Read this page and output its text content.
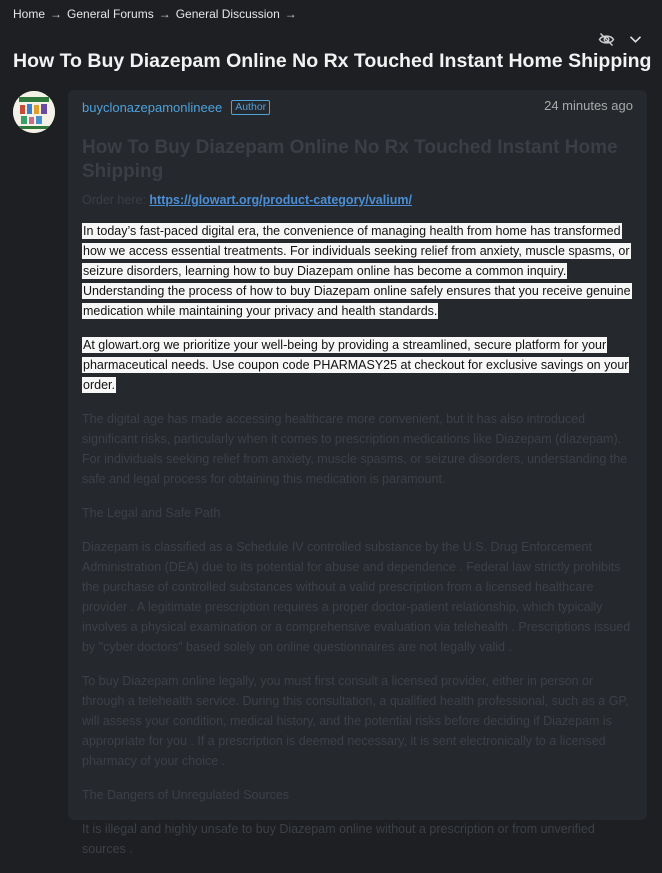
Home → General Forums → General Discussion →
How To Buy Diazepam Online No Rx Touched Instant Home Shipping
buyclonazepamonlineee	Author	24 minutes ago
How To Buy Diazepam Online No Rx Touched Instant Home Shipping
Order here: https://glowart.org/product-category/valium/

In today’s fast-paced digital era, the convenience of managing health from home has transformed how we access essential treatments. For individuals seeking relief from anxiety, muscle spasms, or seizure disorders, learning how to buy Diazepam online has become a common inquiry. Understanding the process of how to buy Diazepam online safely ensures that you receive genuine medication while maintaining your privacy and health standards.

At glowart.org we prioritize your well-being by providing a streamlined, secure platform for your pharmaceutical needs. Use coupon code PHARMASY25 at checkout for exclusive savings on your order.

The digital age has made accessing healthcare more convenient, but it has also introduced significant risks, particularly when it comes to prescription medications like Diazepam (diazepam). For individuals seeking relief from anxiety, muscle spasms, or seizure disorders, understanding the safe and legal process for obtaining this medication is paramount.

The Legal and Safe Path

Diazepam is classified as a Schedule IV controlled substance by the U.S. Drug Enforcement Administration (DEA) due to its potential for abuse and dependence . Federal law strictly prohibits the purchase of controlled substances without a valid prescription from a licensed healthcare provider . A legitimate prescription requires a proper doctor-patient relationship, which typically involves a physical examination or a comprehensive evaluation via telehealth . Prescriptions issued by "cyber doctors" based solely on online questionnaires are not legally valid .

To buy Diazepam online legally, you must first consult a licensed provider, either in person or through a telehealth service. During this consultation, a qualified health professional, such as a GP, will assess your condition, medical history, and the potential risks before deciding if Diazepam is appropriate for you . If a prescription is deemed necessary, it is sent electronically to a licensed pharmacy of your choice .

The Dangers of Unregulated Sources

It is illegal and highly unsafe to buy Diazepam online without a prescription or from unverified sources .
